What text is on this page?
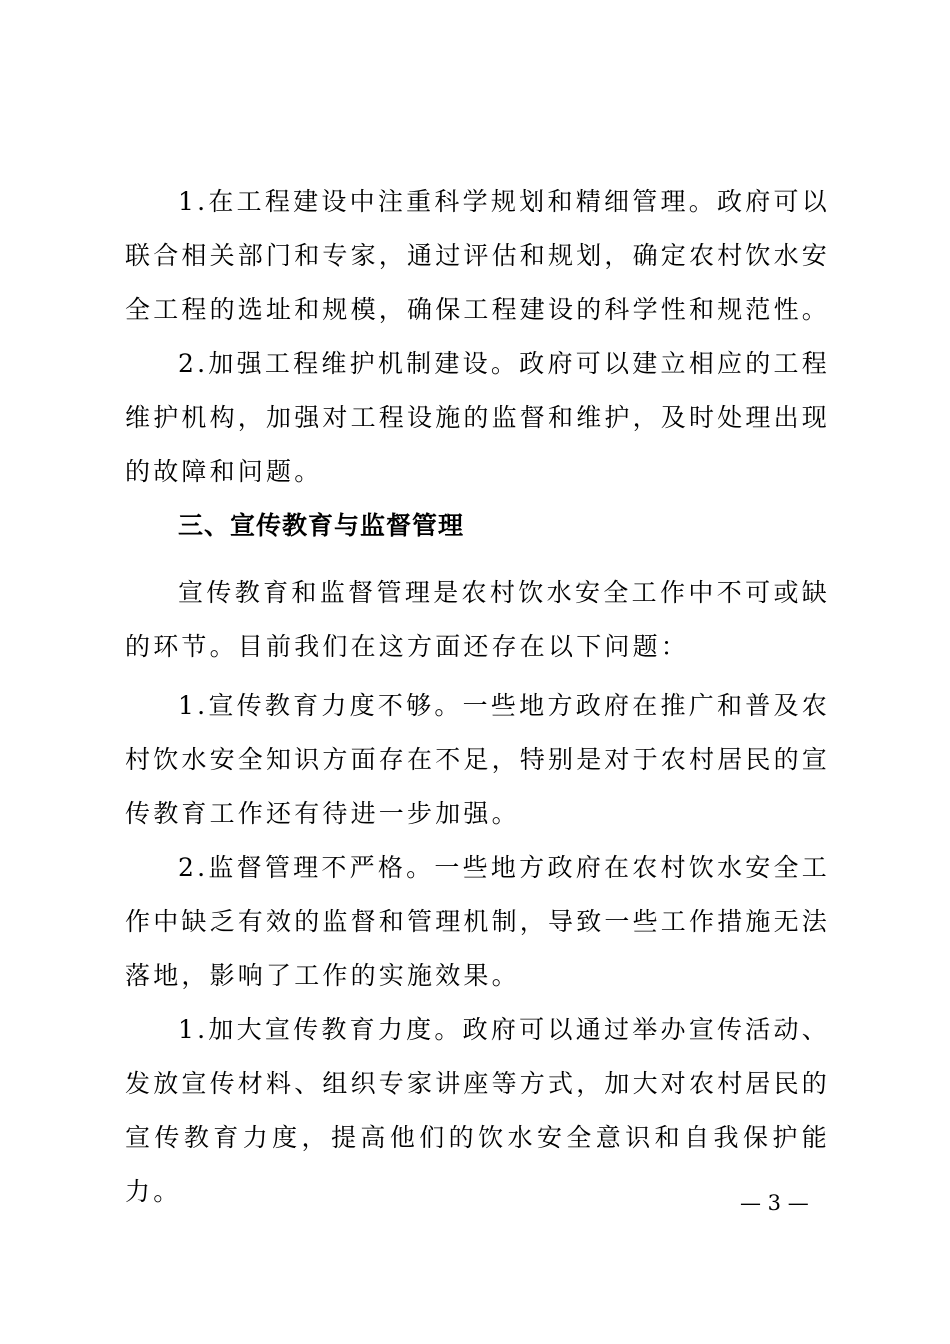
1.在工程建设中注重科学规划和精细管理。政府可以联合相关部门和专家，通过评估和规划，确定农村饮水安全工程的选址和规模，确保工程建设的科学性和规范性。

2.加强工程维护机制建设。政府可以建立相应的工程维护机构，加强对工程设施的监督和维护，及时处理出现的故障和问题。

三、宣传教育与监督管理

宣传教育和监督管理是农村饮水安全工作中不可或缺的环节。目前我们在这方面还存在以下问题：

1.宣传教育力度不够。一些地方政府在推广和普及农村饮水安全知识方面存在不足，特别是对于农村居民的宣传教育工作还有待进一步加强。

2.监督管理不严格。一些地方政府在农村饮水安全工作中缺乏有效的监督和管理机制，导致一些工作措施无法落地，影响了工作的实施效果。

1.加大宣传教育力度。政府可以通过举办宣传活动、发放宣传材料、组织专家讲座等方式，加大对农村居民的宣传教育力度，提高他们的饮水安全意识和自我保护能力。	— 3 —
